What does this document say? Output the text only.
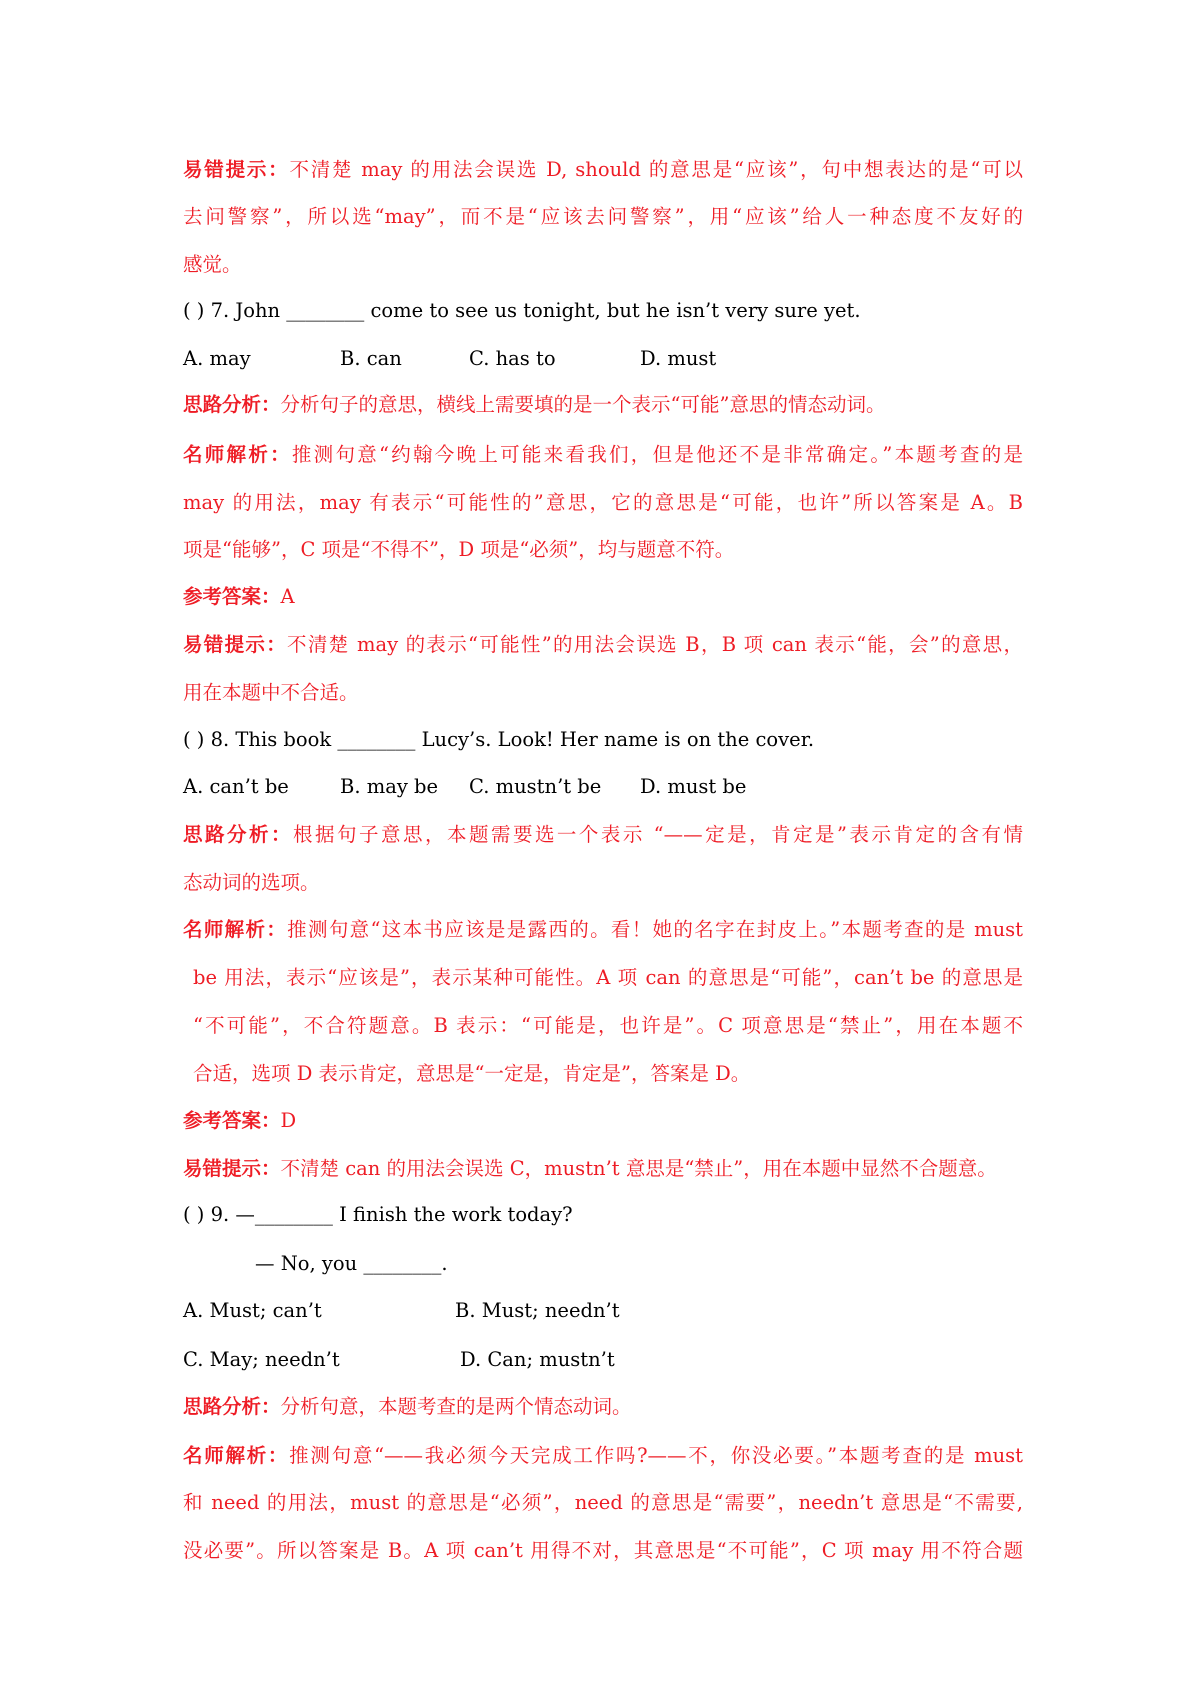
易错提示：不清楚 may 的用法会误选 D, should 的意思是“应该”，句中想表达的是“可以
去问警察”，所以选“may”，而不是“应该去问警察”，用“应该”给人一种态度不友好的
感觉。
( ) 7. John ________ come to see us tonight, but he isn’t very sure yet.
A. may	B. can	C. has to	D. must
思路分析：分析句子的意思，横线上需要填的是一个表示“可能”意思的情态动词。
名师解析：推测句意“约翰今晚上可能来看我们，但是他还不是非常确定。”本题考查的是
may 的用法，may 有表示“可能性的”意思，它的意思是“可能，也许”所以答案是 A。B
项是“能够”，C 项是“不得不”，D 项是“必须”，均与题意不符。
参考答案：A
易错提示：不清楚 may 的表示“可能性”的用法会误选 B，B 项 can 表示“能，会”的意思，
用在本题中不合适。
( ) 8. This book ________ Lucy’s. Look! Her name is on the cover.
A. can’t be	B. may be C. mustn’t be D. must be
思路分析：根据句子意思，本题需要选一个表示 “——定是，肯定是”表示肯定的含有情
态动词的选项。
名师解析：推测句意“这本书应该是是露西的。看！她的名字在封皮上。”本题考查的是 must
be 用法，表示“应该是”，表示某种可能性。A 项 can 的意思是“可能”，can’t be 的意思是
“不可能”，不合符题意。B 表示：“可能是，也许是”。C 项意思是“禁止”，用在本题不
合适，选项 D 表示肯定，意思是“一定是，肯定是”，答案是 D。
参考答案：D
易错提示：不清楚 can 的用法会误选 C，mustn’t 意思是“禁止”，用在本题中显然不合题意。
( ) 9. —________ I finish the work today?
— No, you ________.
A. Must; can’t	B. Must; needn’t
C. May; needn’t	D. Can; mustn’t
思路分析：分析句意，本题考查的是两个情态动词。
名师解析：推测句意“——我必须今天完成工作吗?——不，你没必要。”本题考查的是 must
和 need 的用法，must 的意思是“必须”，need 的意思是“需要”，needn’t 意思是“不需要,
没必要”。所以答案是 B。A 项 can’t 用得不对，其意思是“不可能”，C 项 may 用不符合题
